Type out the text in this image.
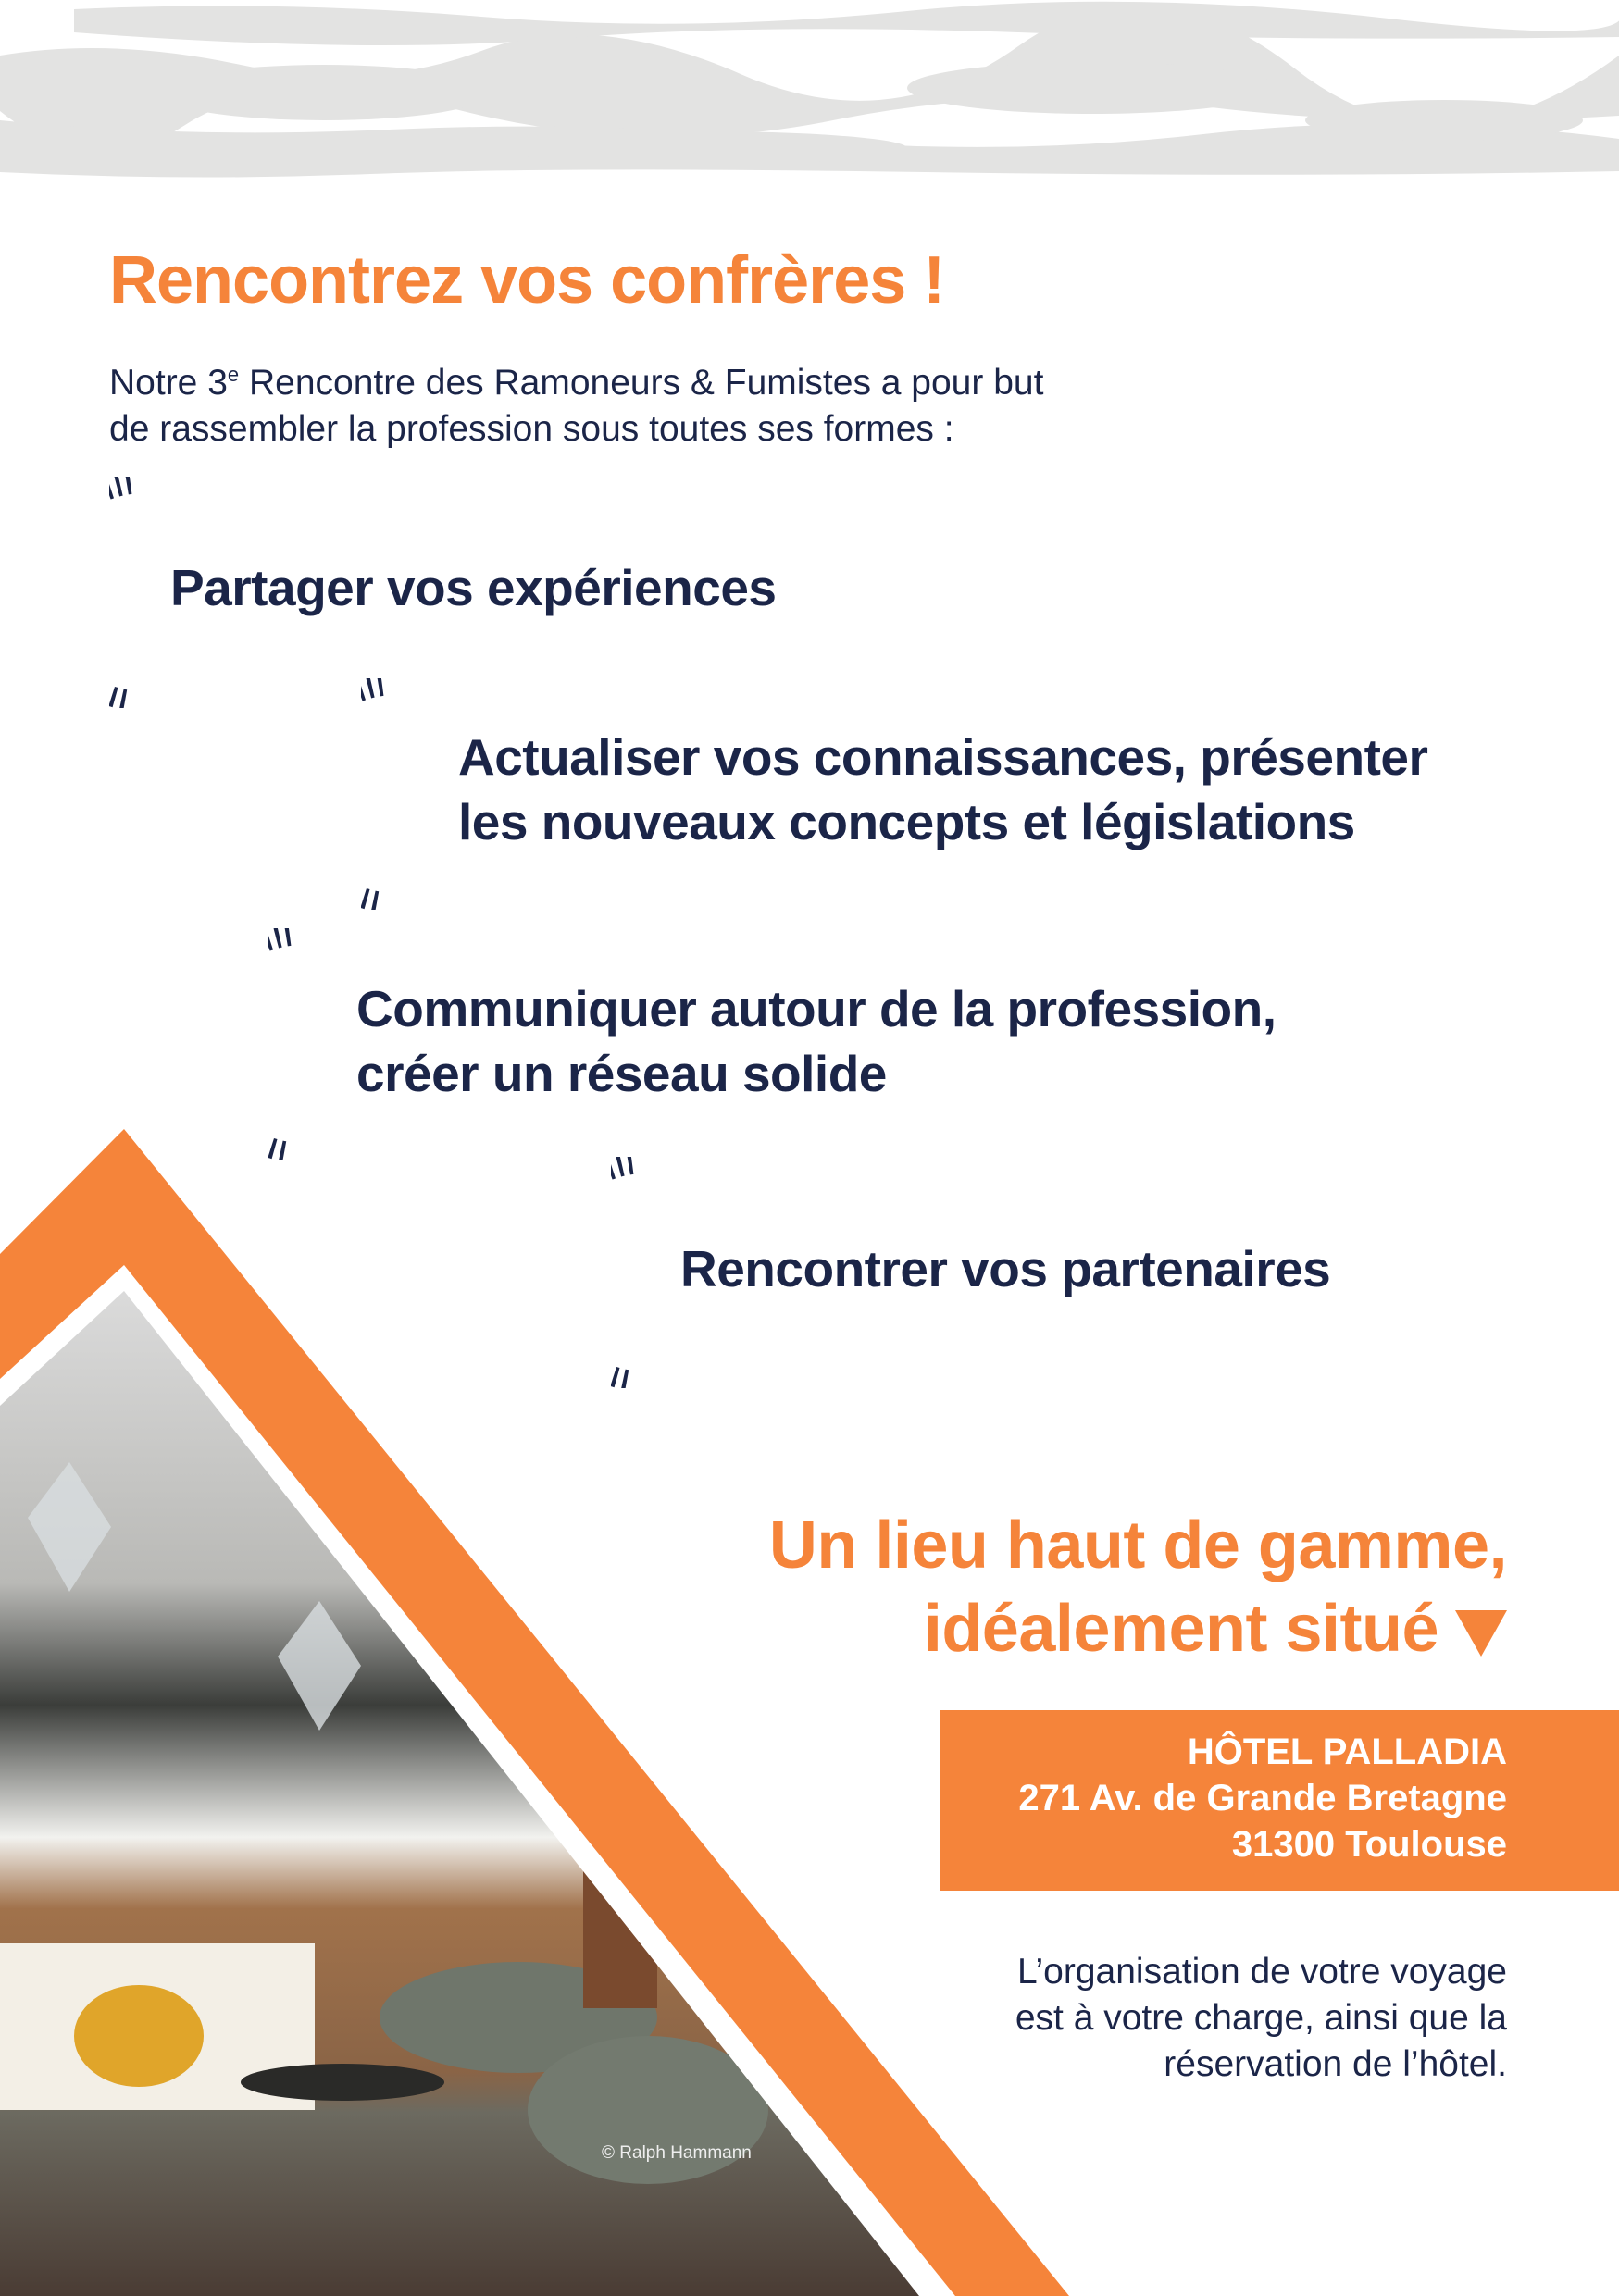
Rencontrez vos confrères !
Notre 3e Rencontre des Ramoneurs & Fumistes a pour but
de rassembler la profession sous toutes ses formes :
© Ralph Hammann
Partager vos expériences
Actualiser vos connaissances, présenter
les nouveaux concepts et législations
Communiquer autour de la profession,
créer un réseau solide
Rencontrer vos partenaires
Un lieu haut de gamme,
idéalement situé
HÔTEL PALLADIA
271 Av. de Grande Bretagne
31300 Toulouse
L’organisation de votre voyage
est à votre charge, ainsi que la
réservation de l’hôtel.
